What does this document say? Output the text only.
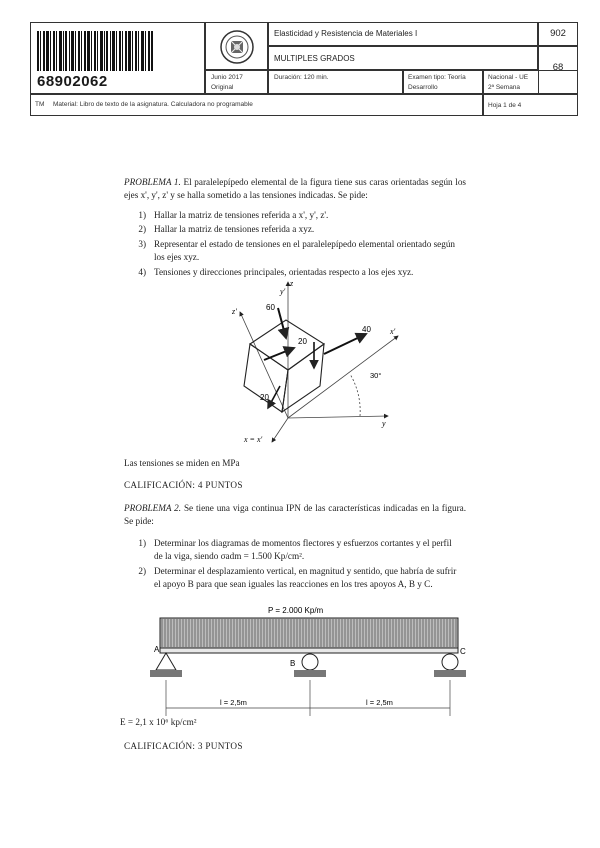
68902062	Junio 2017
Original
Elasticidad y Resistencia de Materiales I	902
MULTIPLES GRADOS
68
Duración: 120 min.	Examen tipo: Teoría
Desarrollo
Nacional - UE
2ª Semana
TM Material: Libro de texto de la asignatura. Calculadora no programable	Hoja 1 de 4
PROBLEMA 1. El paralelepípedo elemental de la figura tiene sus caras orientadas según los ejes x', y', z' y se halla sometido a las tensiones indicadas. Se pide:
1) Hallar la matriz de tensiones referida a x', y', z'.
2) Hallar la matriz de tensiones referida a xyz.
3) Representar el estado de tensiones en el paralelepípedo elemental orientado según los ejes xyz.
4) Tensiones y direcciones principales, orientadas respecto a los ejes xyz.
z
y'
z'	60
40
20
20
x'
30°
y
x = x'
Las tensiones se miden en MPa
CALIFICACIÓN: 4 PUNTOS
PROBLEMA 2. Se tiene una viga continua IPN de las características indicadas en la figura. Se pide:
1) Determinar los diagramas de momentos flectores y esfuerzos cortantes y el perfil de la viga, siendo σadm = 1.500 Kp/cm².
2) Determinar el desplazamiento vertical, en magnitud y sentido, que habría de sufrir el apoyo B para que sean iguales las reacciones en los tres apoyos A, B y C.
P = 2.000 Kp/m
A
B
C
l = 2,5m	l = 2,5m
E = 2,1 x 10⁶ kp/cm²
CALIFICACIÓN: 3 PUNTOS
